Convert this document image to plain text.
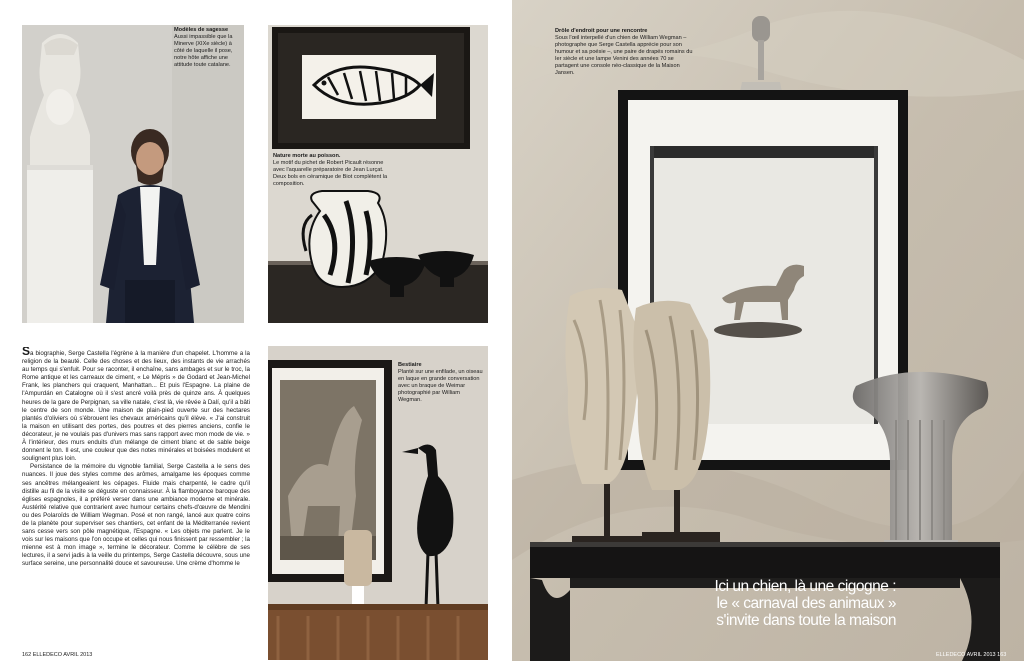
Modèles de sagesse
Aussi impassible que la Minerve (XIXe siècle) à côté de laquelle il pose, notre hôte affiche une attitude toute catalane.
Nature morte au poisson.
Le motif du pichet de Robert Picault résonne avec l'aquarelle préparatoire de Jean Lurçat. Deux bols en céramique de Biot complètent la composition.

Sa biographie, Serge Castella l'égrène à la manière d'un chapelet. L'homme a la religion de la beauté. Celle des choses et des lieux, des instants de vie arrachés au temps qui s'enfuit. Pour se raconter, il enchaîne, sans ambages et sur le troc, la Rome antique et les carreaux de ciment, « Le Mépris » de Godard et Jean-Michel Frank, les planchers qui craquent, Manhattan... Et puis l'Espagne. La plaine de l'Ampurdán en Catalogne où il s'est ancré voilà près de quinze ans. À quelques heures de la gare de Perpignan, sa ville natale, c'est là, vie rêvée à Dalí, qu'il a bâti le centre de son monde. Une maison de plain-pied ouverte sur des hectares plantés d'oliviers où s'ébrouent les chevaux américains qu'il élève. « J'ai construit la maison en utilisant des portes, des poutres et des pierres anciens, confie le décorateur, je ne voulais pas d'univers mas sans rapport avec mon mode de vie. » À l'intérieur, des murs enduits d'un mélange de ciment blanc et de sable beige donnent le ton. Il est, une couleur que des notes minérales et boisées modulent et soulignent plus loin.

Persistance de la mémoire du vignoble familial, Serge Castella a le sens des nuances. Il joue des styles comme des arômes, amalgame les époques comme ses ancêtres mélangeaient les cépages. Fluide mais charpenté, le cadre qu'il distille au fil de la visite se déguste en connaisseur. À la flamboyance baroque des églises espagnoles, il a préféré verser dans une ambiance moderne et minérale. Austérité relative que contrarient avec humour certains chefs-d'œuvre de Mendini ou des Polaroïds de William Wegman. Posé et non rangé, lancé aux quatre coins de la planète pour superviser ses chantiers, cet enfant de la Méditerranée revient sans cesse vers son pôle magnétique, l'Espagne. « Les objets me parlent. Je le vois sur les maisons que l'on occupe et celles qui nous finissent par ressembler ; la mienne est à mon image », termine le décorateur. Comme le célèbre de ses lectures, il a servi jadis à la veille du printemps, Serge Castella découvre, sous une surface sereine, une personnalité douce et savoureuse. Une crème d'homme le

Bestiaire
Planté sur une enfilade, un oiseau en laque en grande conversation avec un braque de Weimar photographié par William Wegman.
162 ELLEDECO AVRIL 2013
Drôle d'endroit pour une rencontre
Sous l'œil interpellé d'un chien de William Wegman – photographe que Serge Castella apprécie pour son humour et sa poésie –, une paire de drapés romains du Ier siècle et une lampe Venini des années 70 se partagent une console néo-classique de la Maison Jansen.
Ici un chien, là une cigogne :
le « carnaval des animaux »
s'invite dans toute la maison
ELLEDECO AVRIL 2013 163
